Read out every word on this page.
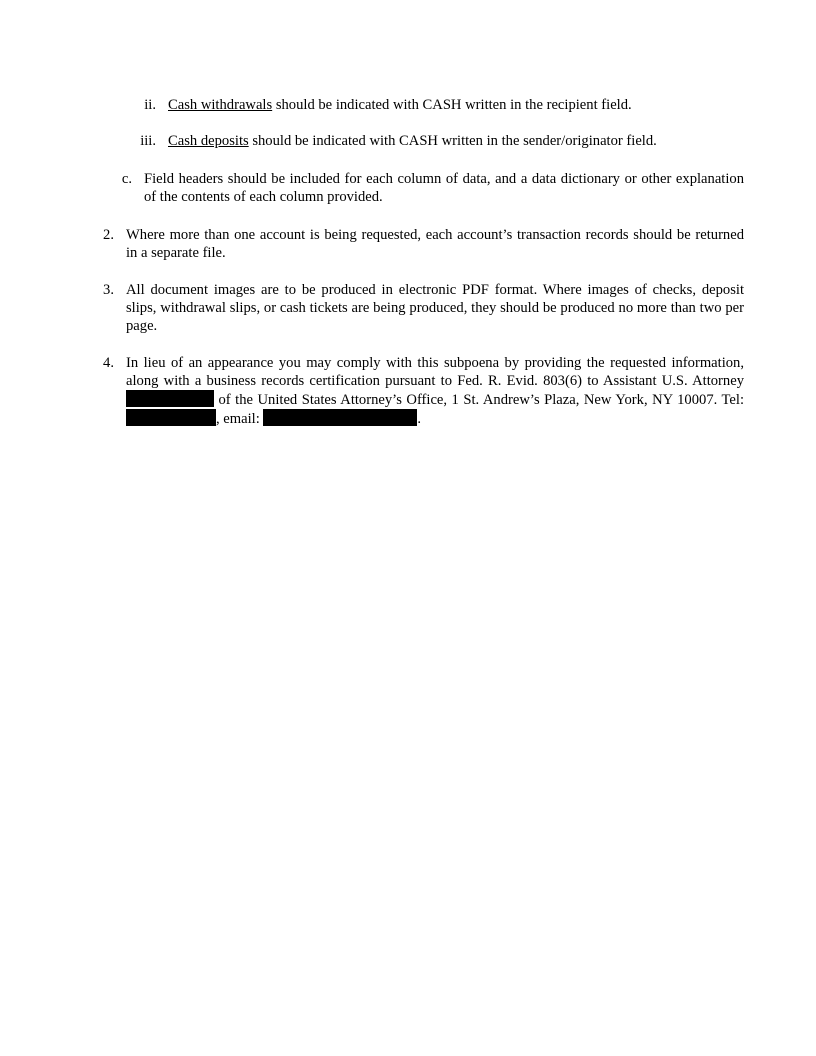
ii. Cash withdrawals should be indicated with CASH written in the recipient field.
iii. Cash deposits should be indicated with CASH written in the sender/originator field.
c. Field headers should be included for each column of data, and a data dictionary or other explanation of the contents of each column provided.
2. Where more than one account is being requested, each account’s transaction records should be returned in a separate file.
3. All document images are to be produced in electronic PDF format. Where images of checks, deposit slips, withdrawal slips, or cash tickets are being produced, they should be produced no more than two per page.
4. In lieu of an appearance you may comply with this subpoena by providing the requested information, along with a business records certification pursuant to Fed. R. Evid. 803(6) to Assistant U.S. Attorney  of the United States Attorney’s Office, 1 St. Andrew’s Plaza, New York, NY 10007. Tel: , email:	.
